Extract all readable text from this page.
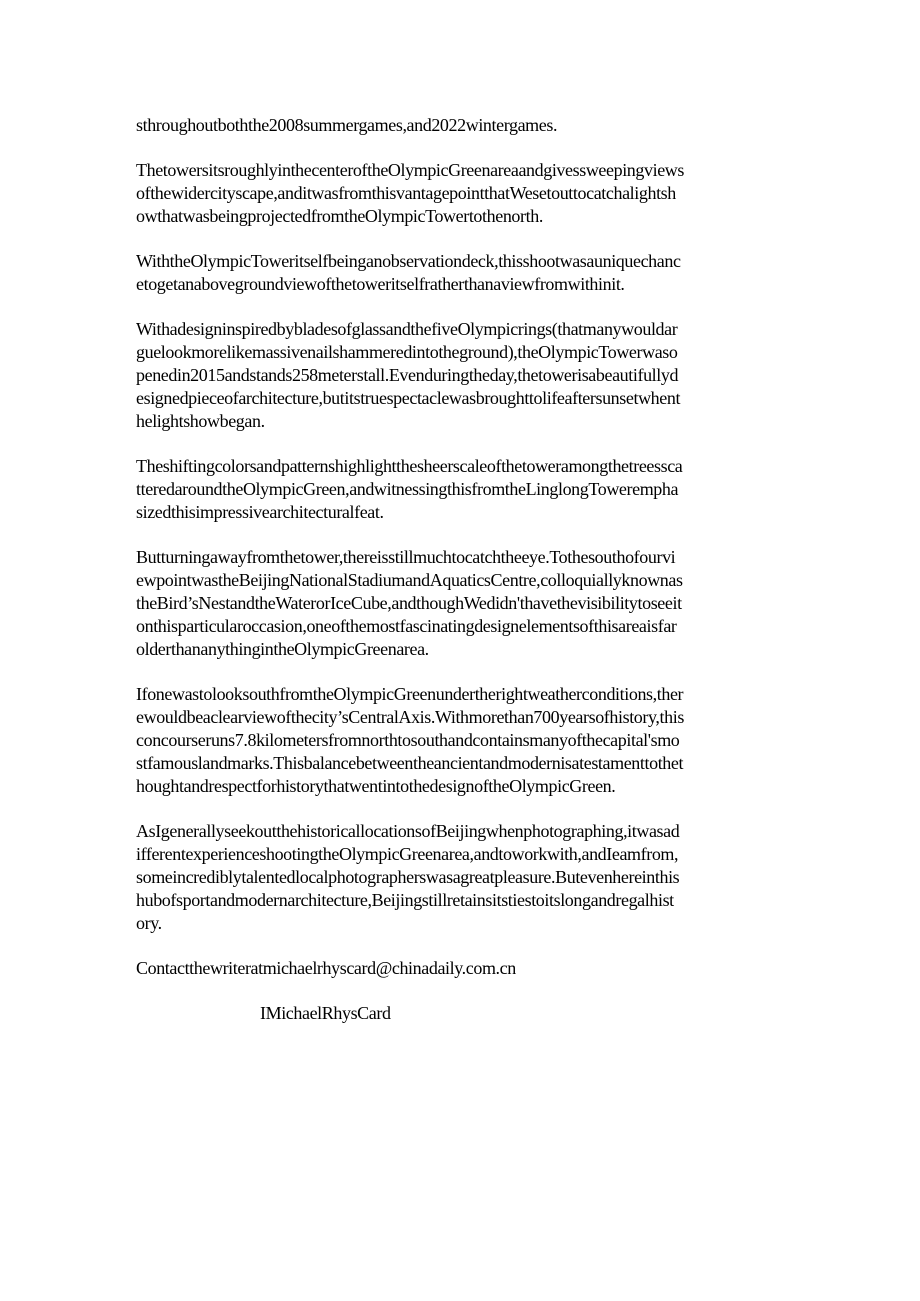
sthroughoutboththe2008summergames,and2022wintergames.
ThetowersitsroughlyinthecenteroftheOlympicGreenareaandgivessweepingviews
ofthewidercityscape,anditwasfromthisvantagepointthatWesetouttocatchalightsh
owthatwasbeingprojectedfromtheOlympicTowertothenorth.
WiththeOlympicToweritselfbeinganobservationdeck,thisshootwasauniquechanc
etogetanabovegroundviewofthetoweritselfratherthanaviewfromwithinit.
WithadesigninspiredbybladesofglassandthefiveOlympicrings(thatmanywouldar
guelookmorelikemassivenailshammeredintotheground),theOlympicTowerwaso
penedin2015andstands258meterstall.Evenduringtheday,thetowerisabeautifullyd
esignedpieceofarchitecture,butitstruespectaclewasbroughttolifeaftersunsetwhent
helightshowbegan.
Theshiftingcolorsandpatternshighlightthesheerscaleofthetoweramongthetreessca
tteredaroundtheOlympicGreen,andwitnessingthisfromtheLinglongTowerempha
sizedthisimpressivearchitecturalfeat.
Butturningawayfromthetower,thereisstillmuchtocatchtheeye.Tothesouthofourvi
ewpointwastheBeijingNationalStadiumandAquaticsCentre,colloquiallyknownas
theBird’sNestandtheWaterorIceCube,andthoughWedidn'thavethevisibilitytoseeit
onthisparticularoccasion,oneofthemostfascinatingdesignelementsofthisareaisfar
olderthananythingintheOlympicGreenarea.
IfonewastolooksouthfromtheOlympicGreenundertherightweatherconditions,ther
ewouldbeaclearviewofthecity’sCentralAxis.Withmorethan700yearsofhistory,this
concourseruns7.8kilometersfromnorthtosouthandcontainsmanyofthecapital'smo
stfamouslandmarks.Thisbalancebetweentheancientandmodernisatestamenttothet
houghtandrespectforhistorythatwentintothedesignoftheOlympicGreen.
AsIgenerallyseekoutthehistoricallocationsofBeijingwhenphotographing,itwasad
ifferentexperienceshootingtheOlympicGreenarea,andtoworkwith,andIeamfrom,
someincrediblytalentedlocalphotographerswasagreatpleasure.Butevenhereinthis
hubofsportandmodernarchitecture,Beijingstillretainsitstiestoitslongandregalhist
ory.
Contactthewriteratmichaelrhyscard@chinadaily.com.cn
IMichaelRhysCard
